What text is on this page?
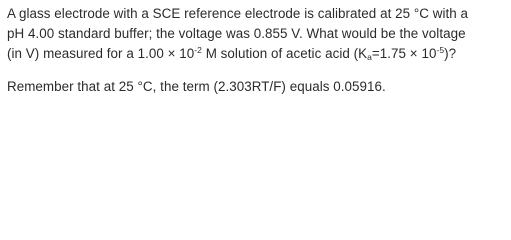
A glass electrode with a SCE reference electrode is calibrated at 25 °C with a
pH 4.00 standard buffer; the voltage was 0.855 V. What would be the voltage
(in V) measured for a $1.00 \times 10^{-2}$ M solution of acetic acid $(K_a=1.75 \times 10^{-5})$?
Remember that at 25 °C, the term (2.303RT/F) equals 0.05916.
